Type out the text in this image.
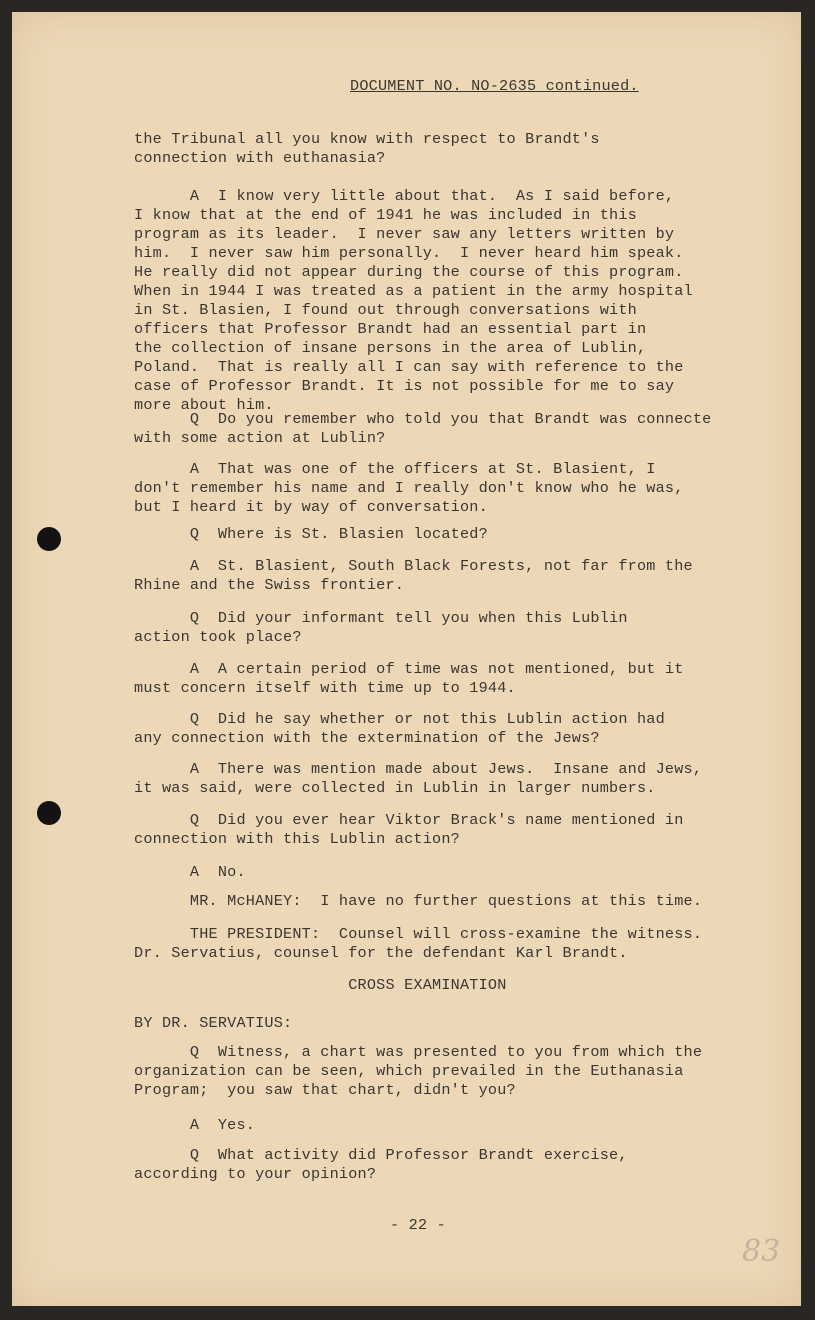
DOCUMENT NO. NO-2635 continued.

the Tribunal all you know with respect to Brandt's
connection with euthanasia?

A  I know very little about that.  As I said before,
I know that at the end of 1941 he was included in this
program as its leader.  I never saw any letters written by
him.  I never saw him personally.  I never heard him speak.
He really did not appear during the course of this program.
When in 1944 I was treated as a patient in the army hospital
in St. Blasien, I found out through conversations with
officers that Professor Brandt had an essential part in
the collection of insane persons in the area of Lublin,
Poland.  That is really all I can say with reference to the
case of Professor Brandt. It is not possible for me to say
more about him.

Q  Do you remember who told you that Brandt was connecte
with some action at Lublin?

A  That was one of the officers at St. Blasient, I
don't remember his name and I really don't know who he was,
but I heard it by way of conversation.

Q  Where is St. Blasien located?

A  St. Blasient, South Black Forests, not far from the
Rhine and the Swiss frontier.

Q  Did your informant tell you when this Lublin
action took place?

A  A certain period of time was not mentioned, but it
must concern itself with time up to 1944.

Q  Did he say whether or not this Lublin action had
any connection with the extermination of the Jews?

A  There was mention made about Jews.  Insane and Jews,
it was said, were collected in Lublin in larger numbers.

Q  Did you ever hear Viktor Brack's name mentioned in
connection with this Lublin action?

A  No.

MR. McHANEY:  I have no further questions at this time.

THE PRESIDENT:  Counsel will cross-examine the witness.
Dr. Servatius, counsel for the defendant Karl Brandt.

CROSS EXAMINATION

BY DR. SERVATIUS:

Q  Witness, a chart was presented to you from which the
organization can be seen, which prevailed in the Euthanasia
Program;  you saw that chart, didn't you?

A  Yes.

Q  What activity did Professor Brandt exercise,
according to your opinion?

- 22 -

83
